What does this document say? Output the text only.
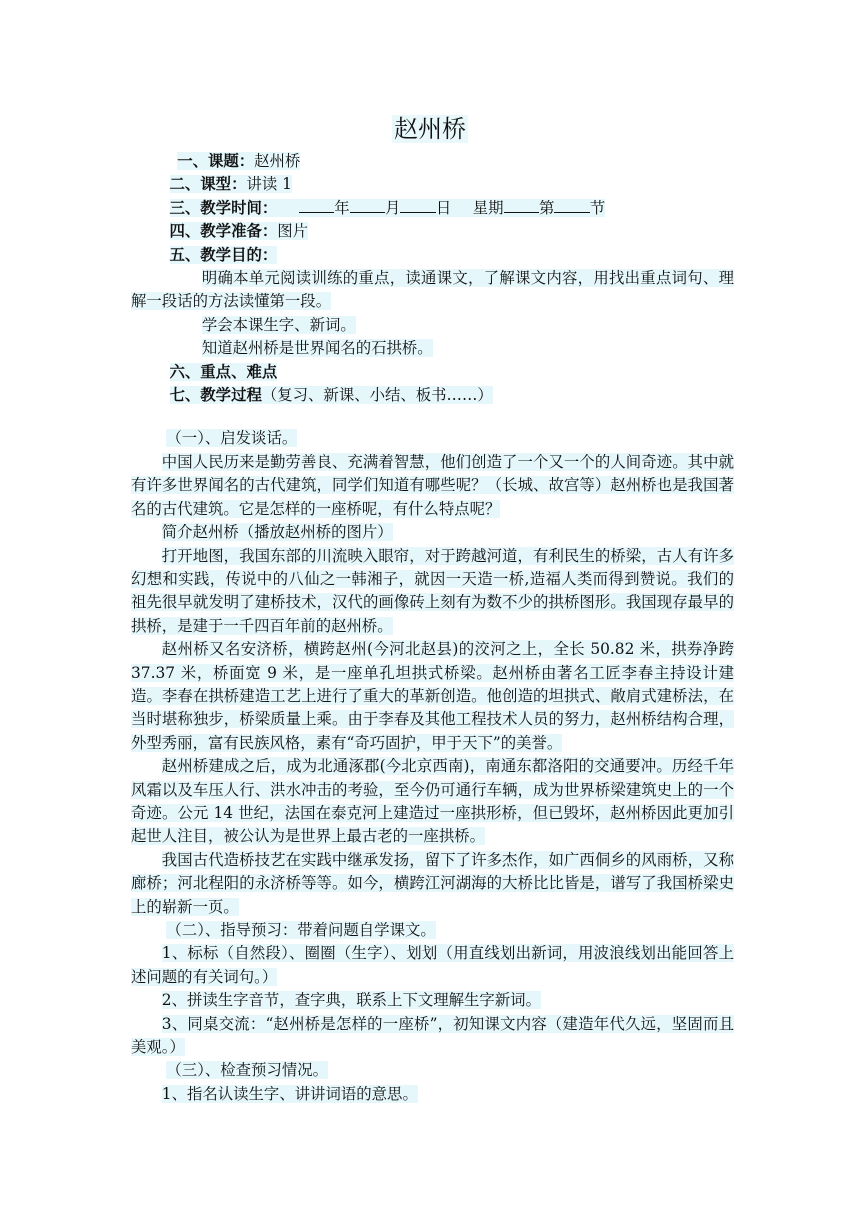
赵州桥
一、课题：赵州桥
二、课型：讲读 1
三、教学时间：	年 月 日 星期 第 节
四、教学准备：图片
五、教学目的：
明确本单元阅读训练的重点，读通课文，了解课文内容，用找出重点词句、理解一段话的方法读懂第一段。
学会本课生字、新词。
知道赵州桥是世界闻名的石拱桥。
六、重点、难点
七、教学过程（复习、新课、小结、板书……）
（一）、启发谈话。
中国人民历来是勤劳善良、充满着智慧，他们创造了一个又一个的人间奇迹。其中就有许多世界闻名的古代建筑，同学们知道有哪些呢？（长城、故宫等）赵州桥也是我国著名的古代建筑。它是怎样的一座桥呢，有什么特点呢？
简介赵州桥（播放赵州桥的图片）
打开地图，我国东部的川流映入眼帘，对于跨越河道，有利民生的桥梁，古人有许多幻想和实践，传说中的八仙之一韩湘子，就因一天造一桥,造福人类而得到赞说。我们的祖先很早就发明了建桥技术，汉代的画像砖上刻有为数不少的拱桥图形。我国现存最早的拱桥，是建于一千四百年前的赵州桥。
赵州桥又名安济桥，横跨赵州(今河北赵县)的洨河之上，全长 50.82 米，拱券净跨 37.37 米，桥面宽 9 米，是一座单孔坦拱式桥梁。赵州桥由著名工匠李春主持设计建造。李春在拱桥建造工艺上进行了重大的革新创造。他创造的坦拱式、敞肩式建桥法，在当时堪称独步，桥梁质量上乘。由于李春及其他工程技术人员的努力，赵州桥结构合理，外型秀丽，富有民族风格，素有“奇巧固护，甲于天下”的美誉。
赵州桥建成之后，成为北通涿郡(今北京西南)，南通东都洛阳的交通要冲。历经千年风霜以及车压人行、洪水冲击的考验，至今仍可通行车辆，成为世界桥梁建筑史上的一个奇迹。公元 14 世纪，法国在泰克河上建造过一座拱形桥，但已毁坏，赵州桥因此更加引起世人注目，被公认为是世界上最古老的一座拱桥。
我国古代造桥技艺在实践中继承发扬，留下了许多杰作，如广西侗乡的风雨桥，又称廊桥；河北程阳的永济桥等等。如今，横跨江河湖海的大桥比比皆是，谱写了我国桥梁史上的崭新一页。
（二）、指导预习：带着问题自学课文。
1、标标（自然段）、圈圈（生字）、划划（用直线划出新词，用波浪线划出能回答上述问题的有关词句。）
2、拼读生字音节，查字典，联系上下文理解生字新词。
3、同桌交流：“赵州桥是怎样的一座桥”，初知课文内容（建造年代久远，坚固而且美观。）
（三）、检查预习情况。
1、指名认读生字、讲讲词语的意思。
